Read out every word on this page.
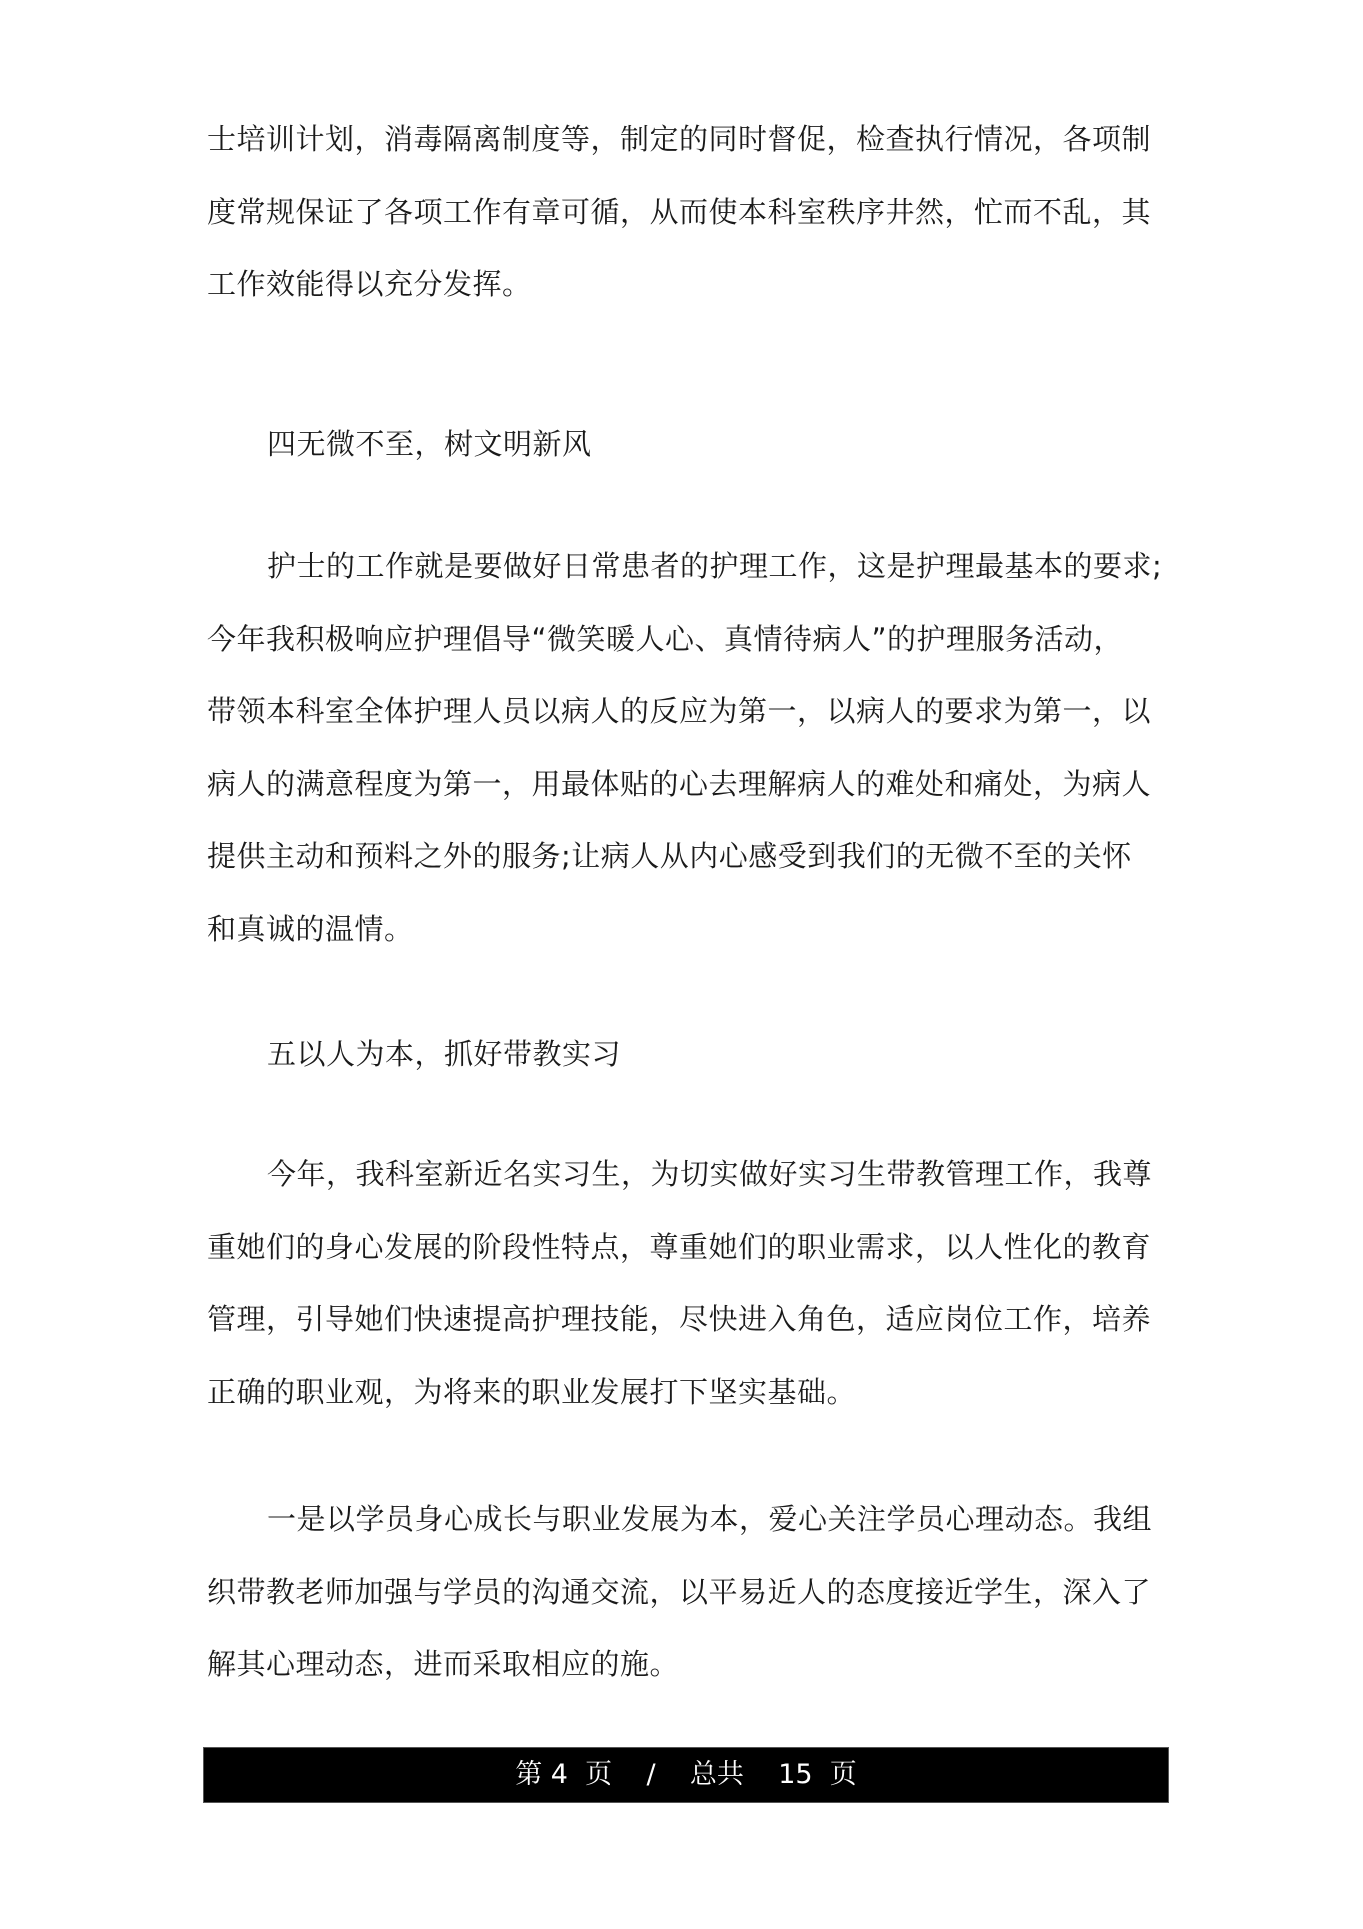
士培训计划，消毒隔离制度等，制定的同时督促，检查执行情况，各项制
度常规保证了各项工作有章可循，从而使本科室秩序井然，忙而不乱，其
工作效能得以充分发挥。
四无微不至，树文明新风
护士的工作就是要做好日常患者的护理工作，这是护理最基本的要求;
今年我积极响应护理倡导“微笑暖人心、真情待病人”的护理服务活动，
带领本科室全体护理人员以病人的反应为第一，以病人的要求为第一，以
病人的满意程度为第一，用最体贴的心去理解病人的难处和痛处，为病人
提供主动和预料之外的服务;让病人从内心感受到我们的无微不至的关怀
和真诚的温情。
五以人为本，抓好带教实习
今年，我科室新近名实习生，为切实做好实习生带教管理工作，我尊
重她们的身心发展的阶段性特点，尊重她们的职业需求，以人性化的教育
管理，引导她们快速提高护理技能，尽快进入角色，适应岗位工作，培养
正确的职业观，为将来的职业发展打下坚实基础。
一是以学员身心成长与职业发展为本，爱心关注学员心理动态。我组
织带教老师加强与学员的沟通交流，以平易近人的态度接近学生，深入了
解其心理动态，进而采取相应的施。
第 4  页    /    总共    15  页
